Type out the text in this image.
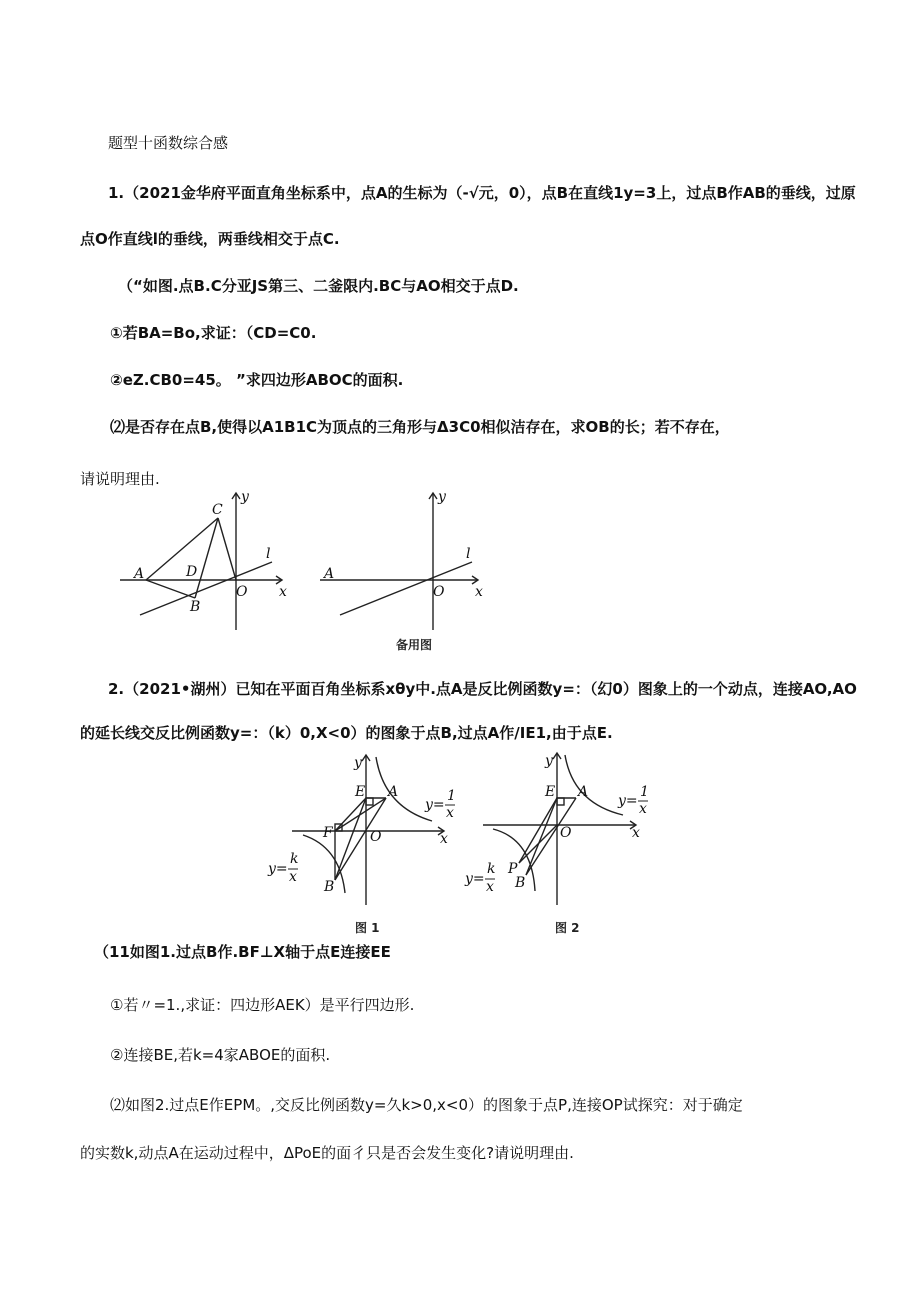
题型十函数综合感
1.（2021金华府平面直角坐标系中，点A的生标为（-√元，0），点B在直线1y=3上，过点B作AB的垂线，过原
点O作直线l的垂线，两垂线相交于点C.
（“如图.点B.C分亚JS第三、二釜限内.BC与AO相交于点D.
①若BA=Bo,求证：（CD=C0.
②eZ.CB0=45。 ”求四边形ABOC的面积.
⑵是否存在点B,使得以A1B1C为顶点的三角形与Δ3C0相似洁存在，求OB的长；若不存在，
请说明理由.
y
C
l
A	D
O x
B
y
l
A
O x
备用图
2.（2021•湖州）已知在平面百角坐标系xθy中.点A是反比例函数y=：（幻0）图象上的一个动点，连接AO,AO
的延长线交反比例函数y=：（k）0,X<0）的图象于点B,过点A作/IE1,由于点E.
y
E A
F	O	x
B
y=
1
x
y=
k
x
图 1
y
E A
O	x
P
B
y=
1
x
y=
k
x
图 2
（11如图1.过点B作.BF⊥X轴于点E连接EE
①若〃=1.,求证：四边形AEK）是平行四边形.
②连接BE,若k=4家ABOE的面积.
⑵如图2.过点E作EPM。,交反比例函数y=久k>0,x<0）的图象于点P,连接OP试探究：对于确定
的实数k,动点A在运动过程中，ΔPoE的面彳只是否会发生变化?请说明理由.
